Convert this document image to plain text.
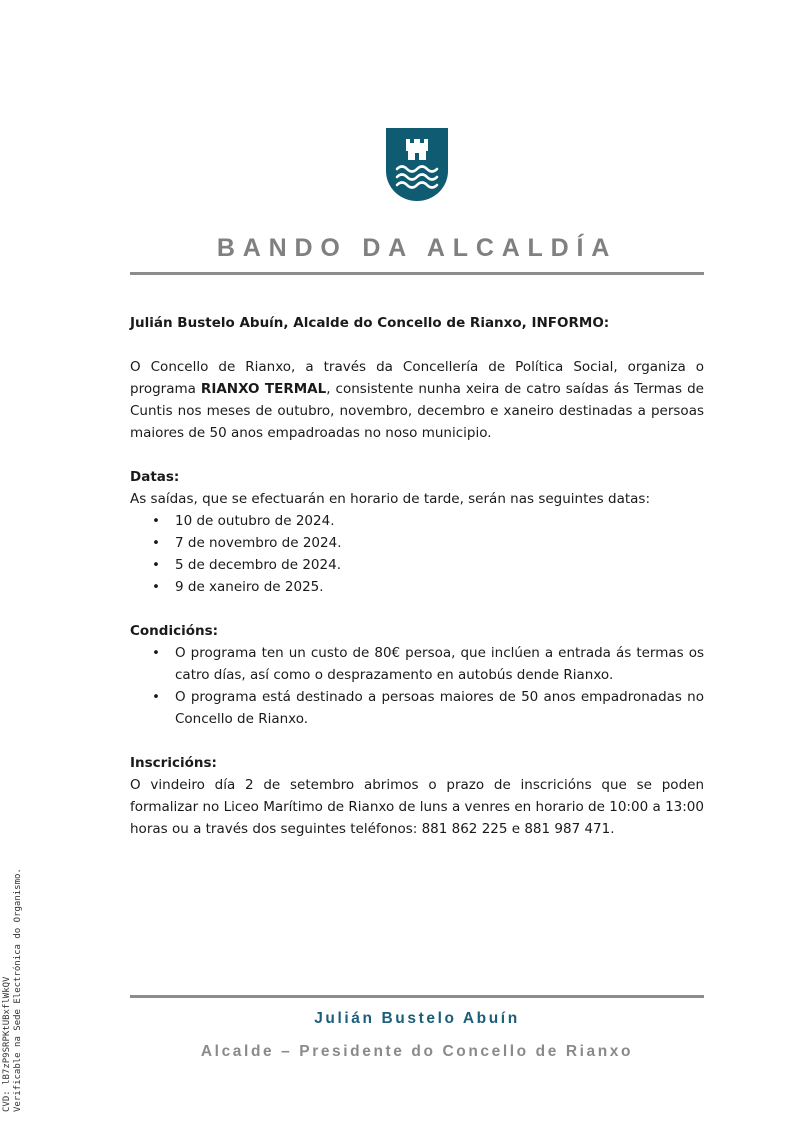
BANDO DA ALCALDÍA

Julián Bustelo Abuín, Alcalde do Concello de Rianxo, INFORMO:

O Concello de Rianxo, a través da Concellería de Política Social, organiza o programa RIANXO TERMAL, consistente nunha xeira de catro saídas ás Termas de Cuntis nos meses de outubro, novembro, decembro e xaneiro destinadas a persoas maiores de 50 anos empadroadas no noso municipio.

Datas:

As saídas, que se efectuarán en horario de tarde, serán nas seguintes datas:

• 10 de outubro de 2024.
• 7 de novembro de 2024.
• 5 de decembro de 2024.
• 9 de xaneiro de 2025.

Condicións:

• O programa ten un custo de 80€ persoa, que inclúen a entrada ás termas os catro días, así como o desprazamento en autobús dende Rianxo.
• O programa está destinado a persoas maiores de 50 anos empadronadas no Concello de Rianxo.

Inscricións:

O vindeiro día 2 de setembro abrimos o prazo de inscricións que se poden formalizar no Liceo Marítimo de Rianxo de luns a venres en horario de 10:00 a 13:00 horas ou a través dos seguintes teléfonos: 881 862 225 e 881 987 471.

Julián Bustelo Abuín
Alcalde – Presidente do Concello de Rianxo
CVD: lB7zP9SRPKtUBxflWkQV Verificable na Sede Electrónica do Organismo.
